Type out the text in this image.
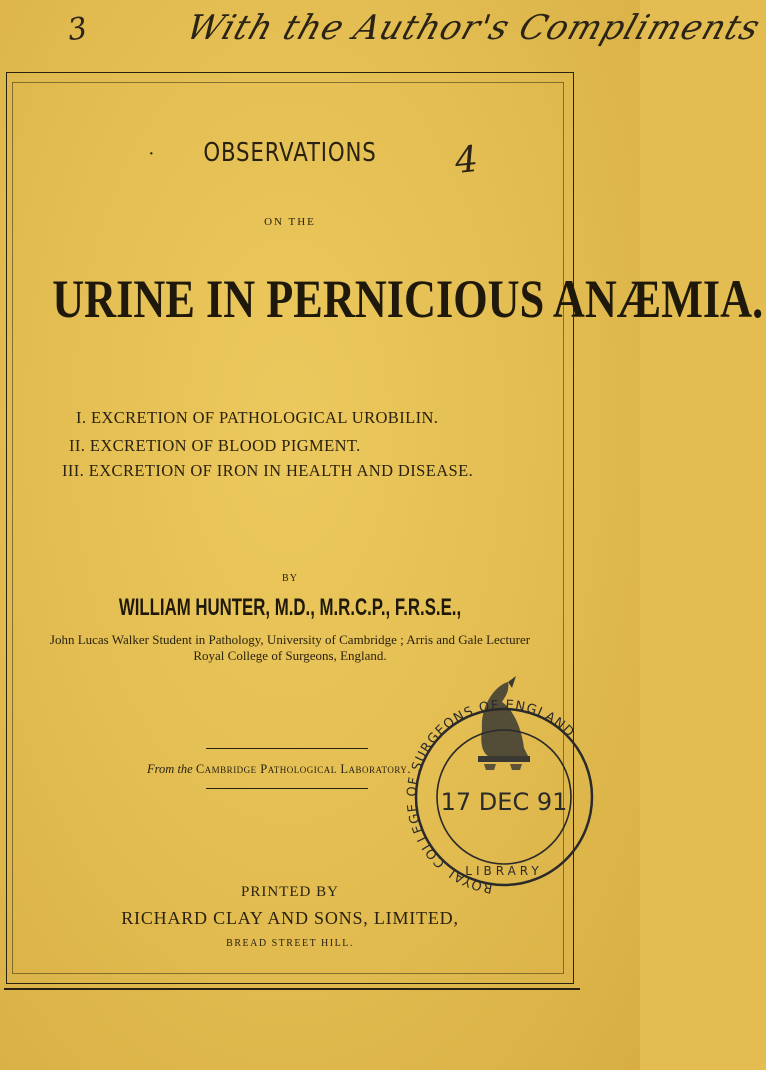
3	With the Author's Compliments
4
·	OBSERVATIONS
ON THE
URINE IN PERNICIOUS ANÆMIA.
I. EXCRETION OF PATHOLOGICAL UROBILIN.
II. EXCRETION OF BLOOD PIGMENT.
III. EXCRETION OF IRON IN HEALTH AND DISEASE.
BY
WILLIAM HUNTER, M.D., M.R.C.P., F.R.S.E.,
John Lucas Walker Student in Pathology, University of Cambridge ; Arris and Gale Lecturer
Royal College of Surgeons, England.
From the Cambridge Pathological Laboratory.
PRINTED BY
RICHARD CLAY AND SONS, LIMITED,
BREAD STREET HILL.
ROYAL COLLEGE OF SURGEONS OF ENGLAND
LIBRARY
17 DEC 91
